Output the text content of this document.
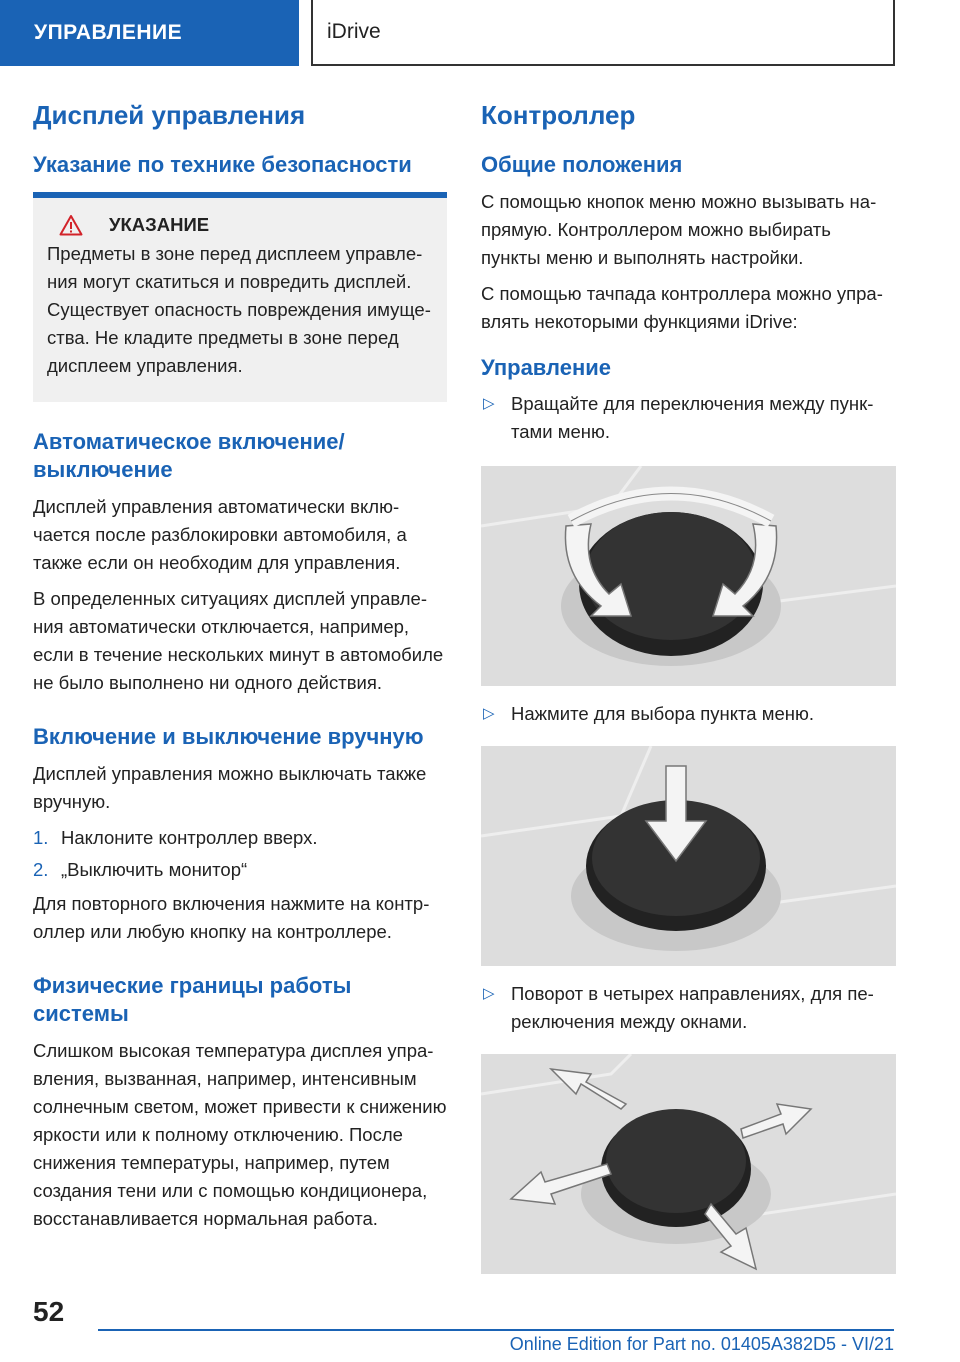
УПРАВЛЕНИЕ	iDrive
Дисплей управления
Указание по технике безопасности
УКАЗАНИЕ

Предметы в зоне перед дисплеем управления могут скатиться и повредить дисплей. Существует опасность повреждения имущества. Не кладите предметы в зоне перед дисплеем управления.

Автоматическое включение/выключение

Дисплей управления автоматически включается после разблокировки автомобиля, а также если он необходим для управления.

В определенных ситуациях дисплей управления автоматически отключается, например, если в течение нескольких минут в автомобиле не было выполнено ни одного действия.

Включение и выключение вручную

Дисплей управления можно выключать также вручную.

1. Наклоните контроллер вверх.
2. „Выключить монитор“

Для повторного включения нажмите на контроллер или любую кнопку на контроллере.

Физические границы работы системы

Слишком высокая температура дисплея управления, вызванная, например, интенсивным солнечным светом, может привести к снижению яркости или к полному отключению. После снижения температуры, например, путем создания тени или с помощью кондиционера, восстанавливается нормальная работа.

Контроллер
Общие положения

С помощью кнопок меню можно вызывать напрямую. Контроллером можно выбирать пункты меню и выполнять настройки.

С помощью тачпада контроллера можно управлять некоторыми функциями iDrive:

Управление
▷ Вращайте для переключения между пунктами меню.
▷ Нажмите для выбора пункта меню.
▷ Поворот в четырех направлениях, для переключения между окнами.
52
Online Edition for Part no. 01405A382D5 - VI/21
